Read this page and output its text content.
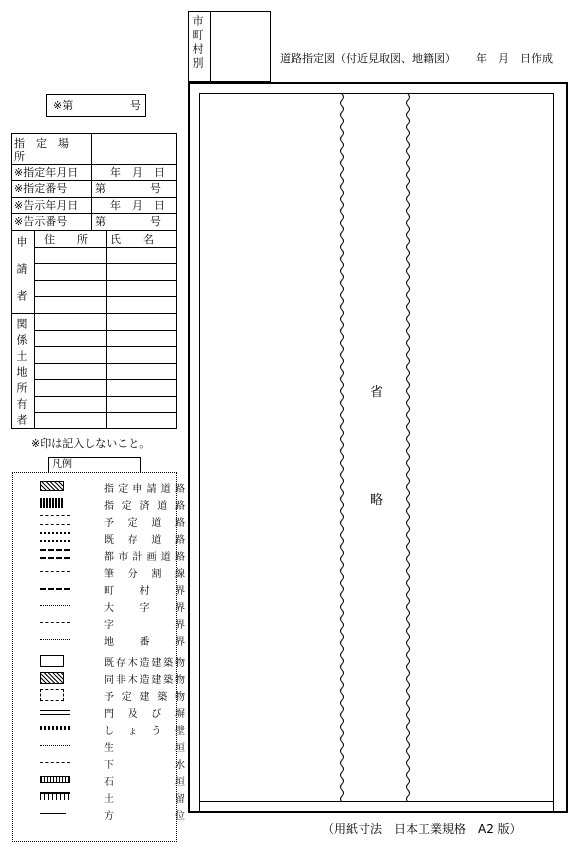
市町村別	道路指定図（付近見取図、地籍図） 年　月　日作成
※第	号
指定場所
※指定年月日	年　月　日
※指定番号	第　　　　号
※告示年月日	年　月　日
※告示番号	第　　　　号
住　　所 氏　　名
申請者
関係土地所有者
※印は記入しないこと。
凡例
指定申請道路
指定済道路
予定道路
既存道路
都市計画道路
筆分割線
町村界
大字界
字界
地番界
既存木造建築物
同非木造建築物
予定建築物
門及び塀
しょう壁
生垣
下水
石垣
土留
方位
省
略
（用紙寸法　日本工業規格　A2 版）
